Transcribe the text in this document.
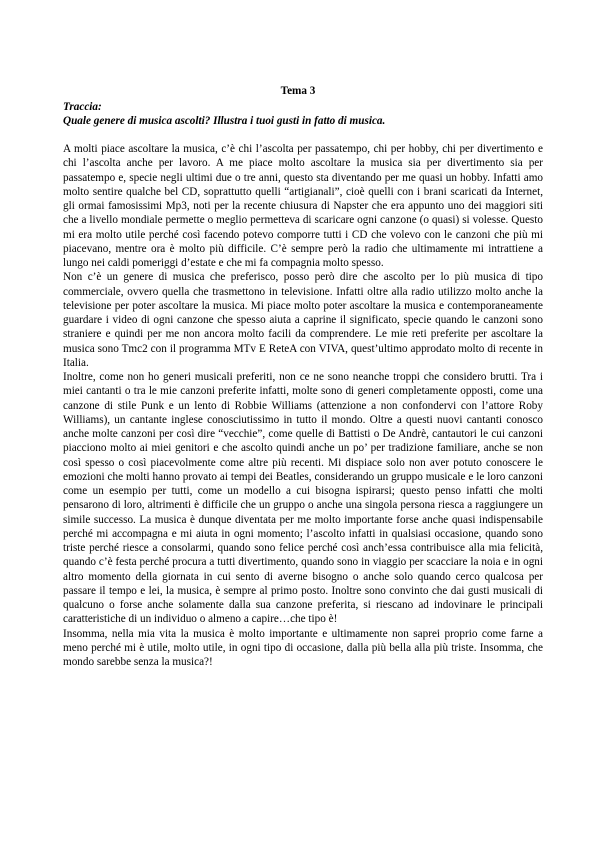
Tema 3
Traccia:
Quale genere di musica ascolti? Illustra i tuoi gusti in fatto di musica.

A molti piace ascoltare la musica, c’è chi l’ascolta per passatempo, chi per hobby, chi per divertimento e chi l’ascolta anche per lavoro. A me piace molto ascoltare la musica sia per divertimento sia per passatempo e, specie negli ultimi due o tre anni, questo sta diventando per me quasi un hobby. Infatti amo molto sentire qualche bel CD, soprattutto quelli “artigianali”, cioè quelli con i brani scaricati da Internet, gli ormai famosissimi Mp3, noti per la recente chiusura di Napster che era appunto uno dei maggiori siti che a livello mondiale permette o meglio permetteva di scaricare ogni canzone (o quasi) si volesse. Questo mi era molto utile perché così facendo potevo comporre tutti i CD che volevo con le canzoni che più mi piacevano, mentre ora è molto più difficile. C’è sempre però la radio che ultimamente mi intrattiene a lungo nei caldi pomeriggi d’estate e che mi fa compagnia molto spesso.

Non c’è un genere di musica che preferisco, posso però dire che ascolto per lo più musica di tipo commerciale, ovvero quella che trasmettono in televisione. Infatti oltre alla radio utilizzo molto anche la televisione per poter ascoltare la musica. Mi piace molto poter ascoltare la musica e contemporaneamente guardare i video di ogni canzone che spesso aiuta a caprine il significato, specie quando le canzoni sono straniere e quindi per me non ancora molto facili da comprendere. Le mie reti preferite per ascoltare la musica sono Tmc2 con il programma MTv E ReteA con VIVA, quest’ultimo approdato molto di recente in Italia.

Inoltre, come non ho generi musicali preferiti, non ce ne sono neanche troppi che considero brutti. Tra i miei cantanti o tra le mie canzoni preferite infatti, molte sono di generi completamente opposti, come una canzone di stile Punk e un lento di Robbie Williams (attenzione a non confondervi con l’attore Roby Williams), un cantante inglese conosciutissimo in tutto il mondo. Oltre a questi nuovi cantanti conosco anche molte canzoni per così dire “vecchie”, come quelle di Battisti o De Andrè, cantautori le cui canzoni piacciono molto ai miei genitori e che ascolto quindi anche un po’ per tradizione familiare, anche se non così spesso o così piacevolmente come altre più recenti. Mi dispiace solo non aver potuto conoscere le emozioni che molti hanno provato ai tempi dei Beatles, considerando un gruppo musicale e le loro canzoni come un esempio per tutti, come un modello a cui bisogna ispirarsi; questo penso infatti che molti pensarono di loro, altrimenti è difficile che un gruppo o anche una singola persona riesca a raggiungere un simile successo. La musica è dunque diventata per me molto importante forse anche quasi indispensabile perché mi accompagna e mi aiuta in ogni momento; l’ascolto infatti in qualsiasi occasione, quando sono triste perché riesce a consolarmi, quando sono felice perché così anch’essa contribuisce alla mia felicità, quando c’è festa perché procura a tutti divertimento, quando sono in viaggio per scacciare la noia e in ogni altro momento della giornata in cui sento di averne bisogno o anche solo quando cerco qualcosa per passare il tempo e lei, la musica, è sempre al primo posto. Inoltre sono convinto che dai gusti musicali di qualcuno o forse anche solamente dalla sua canzone preferita, si riescano ad indovinare le principali caratteristiche di un individuo o almeno a capire…che tipo è!

Insomma, nella mia vita la musica è molto importante e ultimamente non saprei proprio come farne a meno perché mi è utile, molto utile, in ogni tipo di occasione, dalla più bella alla più triste. Insomma, che mondo sarebbe senza la musica?!
